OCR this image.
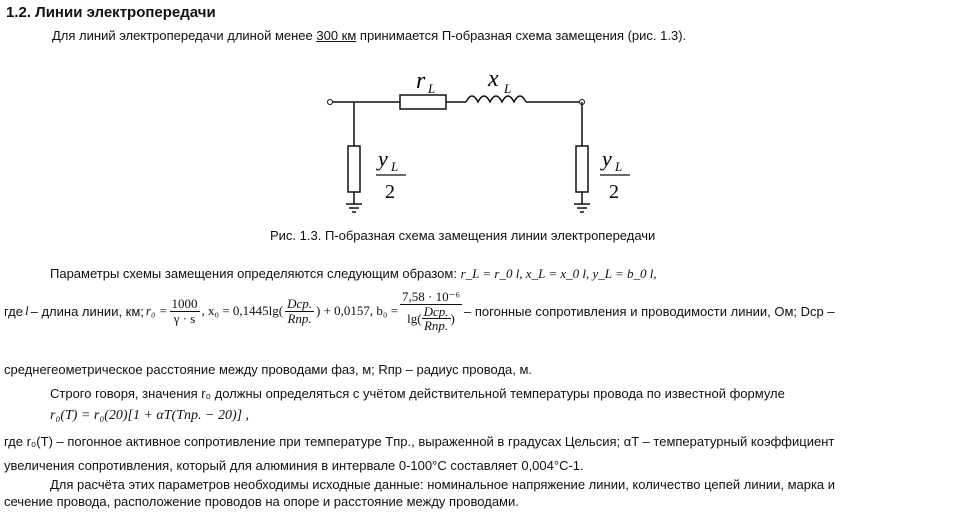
1.2. Линии электропередачи
Для линий электропередачи длиной менее 300 км принимается П-образная схема замещения (рис. 1.3).
r L x L
y L
2
y L
2
Рис. 1.3. П-образная схема замещения линии электропередачи
Параметры схемы замещения определяются следующим образом: r_L = r_0 l, x_L = x_0 l, y_L = b_0 l,
где l – длина линии, км; $r_0 = \frac{1000}{\gamma \cdot s}$ , $x_0 = 0,1445\lg( \frac{\text{Dср.}}{\text{Rпр.}}$ ) + 0,0157, $b_0 = \frac{\text{7,58 · 10⁻⁶}}{\lg( \frac{\text{Dср.}}{\text{Rпр.}} )}$ – погонные сопротивления и проводимости линии, Ом; Dср –
среднегеометрическое расстояние между проводами фаз, м; Rпр – радиус провода, м.
Строго говоря, значения r₀ должны определяться с учётом действительной температуры провода по известной формуле
r₀(T) = r₀(20)[1 + αT(Tпр. − 20)] ,
где r₀(T) – погонное активное сопротивление при температуре Tпр., выраженной в градусах Цельсия; αT – температурный коэффициент
увеличения сопротивления, который для алюминия в интервале 0-100°С составляет 0,004°С-1.
Для расчёта этих параметров необходимы исходные данные: номинальное напряжение линии, количество цепей линии, марка и
сечение провода, расположение проводов на опоре и расстояние между проводами.
